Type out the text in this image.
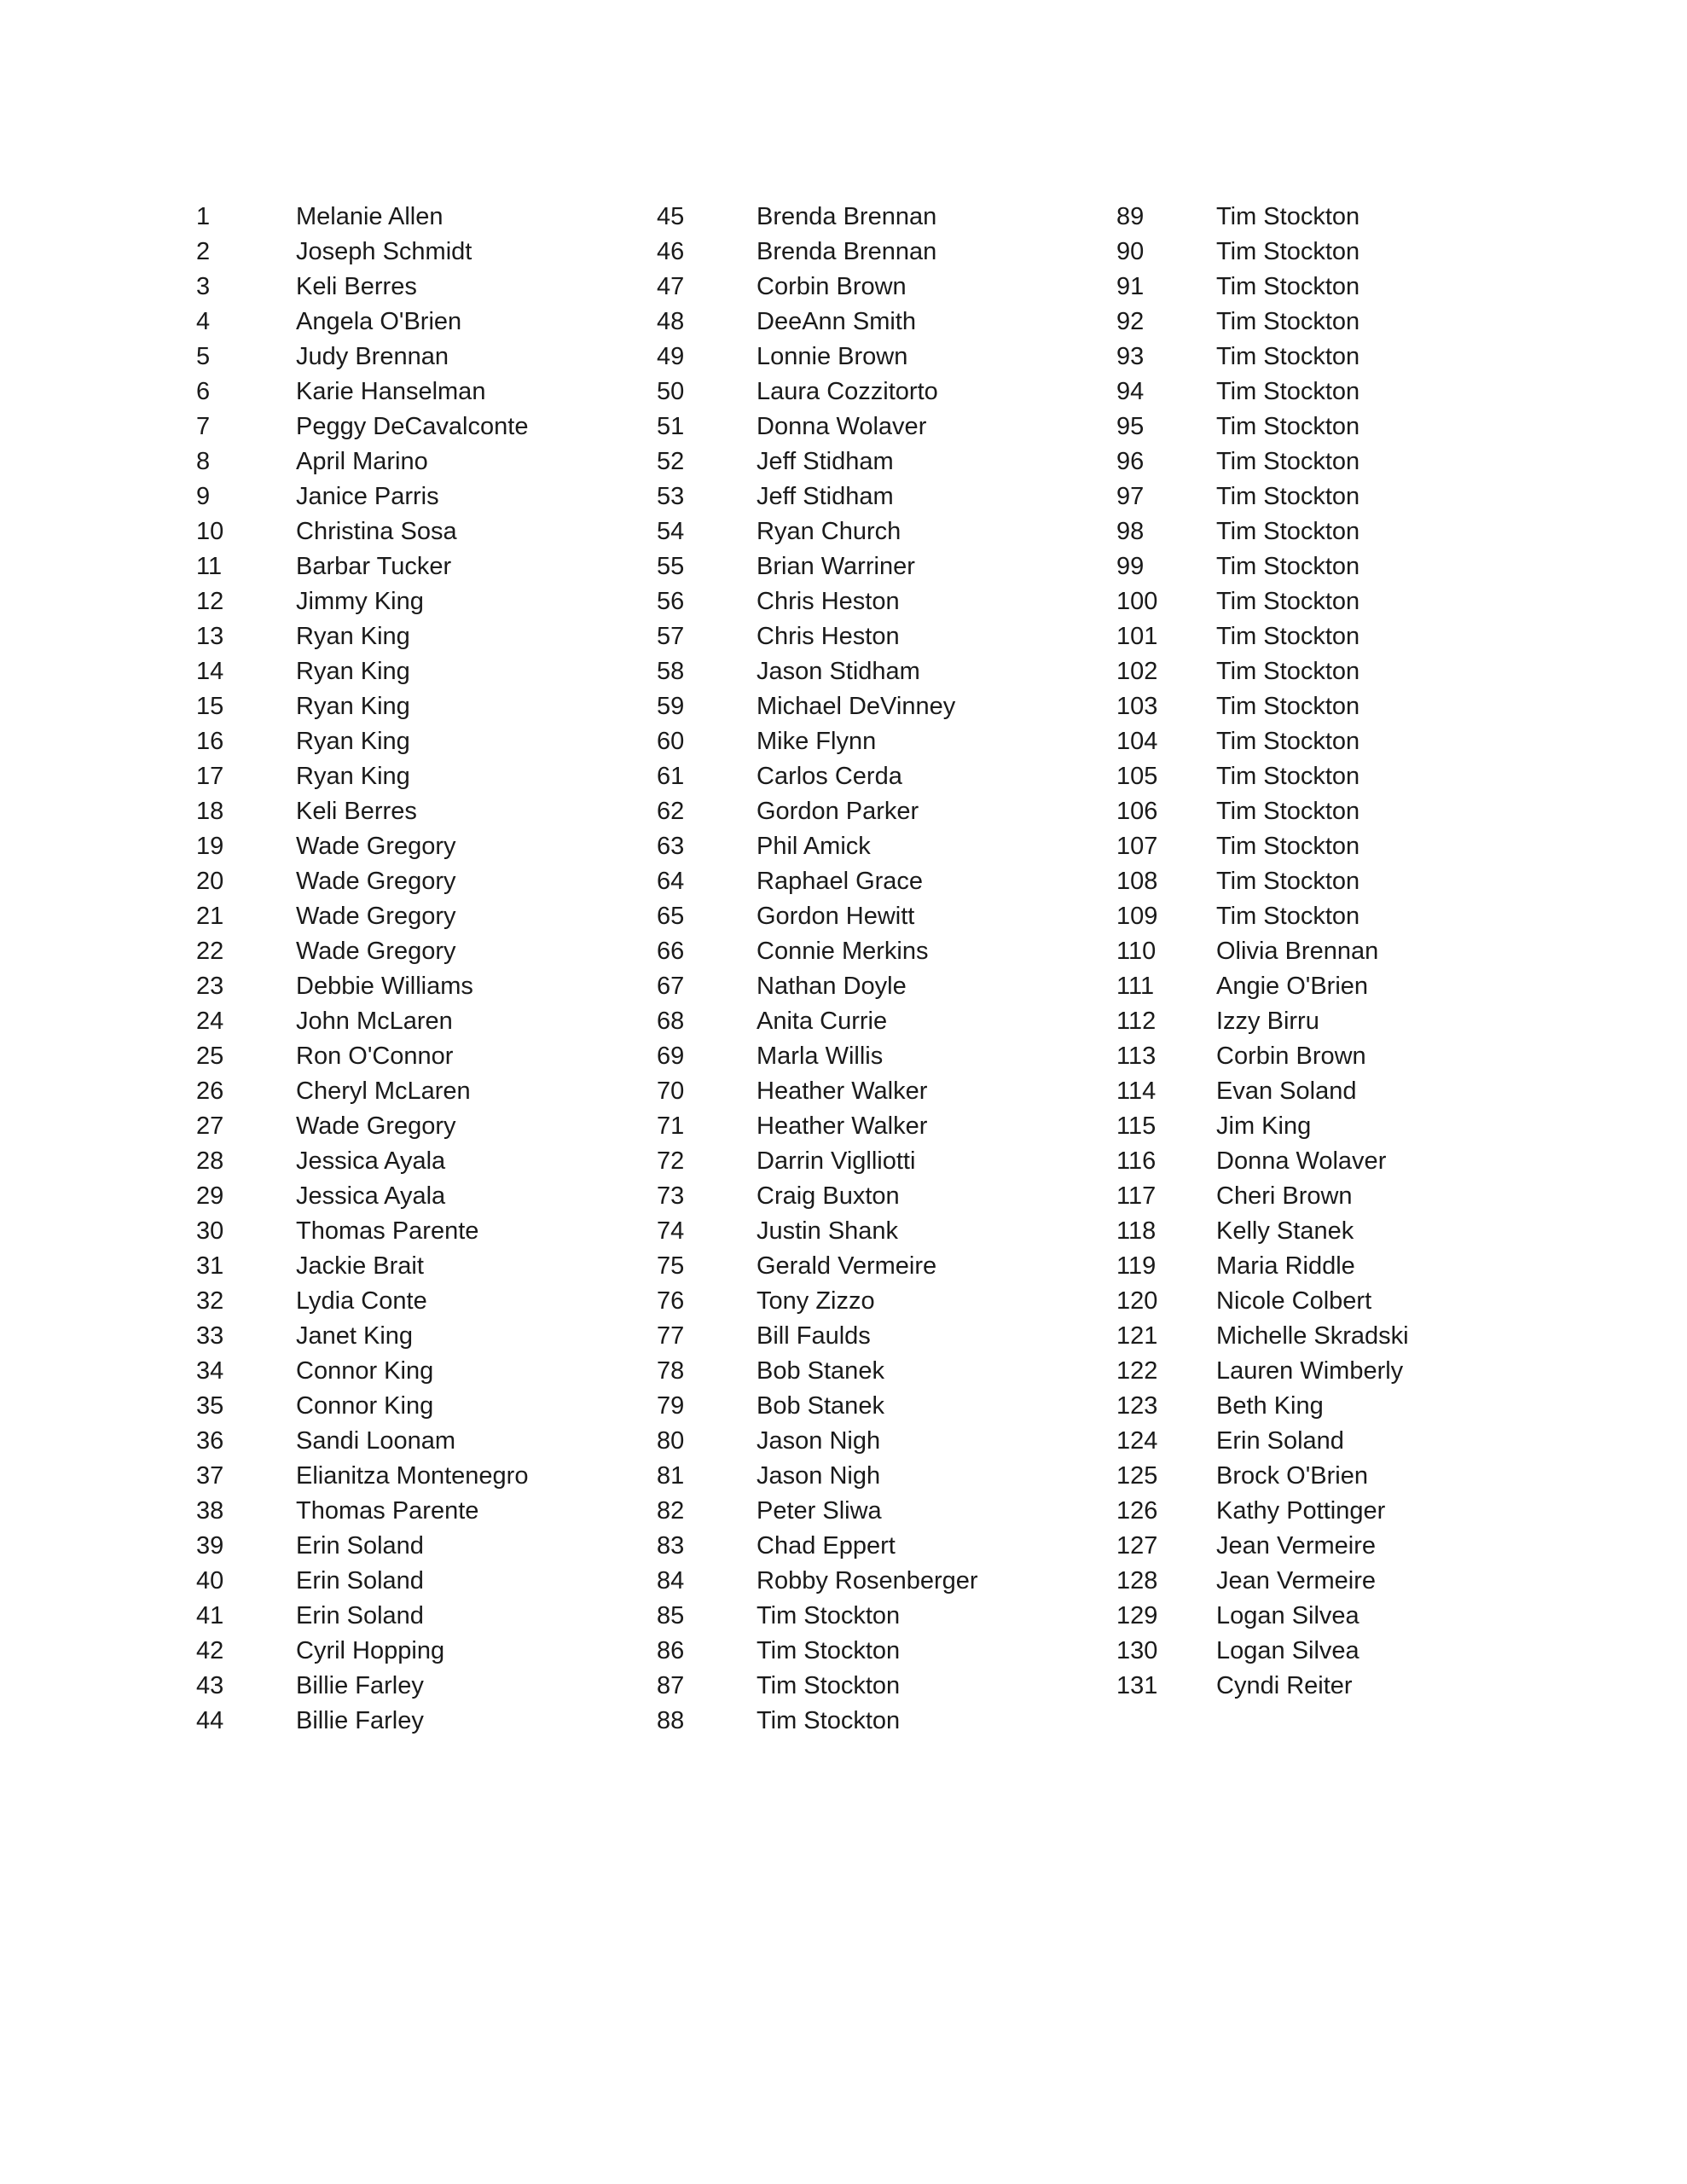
1	Melanie Allen
2	Joseph Schmidt
3	Keli Berres
4	Angela O'Brien
5	Judy Brennan
6	Karie Hanselman
7	Peggy DeCavalconte
8	April Marino
9	Janice Parris
10	Christina Sosa
11	Barbar Tucker
12	Jimmy King
13	Ryan King
14	Ryan King
15	Ryan King
16	Ryan King
17	Ryan King
18	Keli Berres
19	Wade Gregory
20	Wade Gregory
21	Wade Gregory
22	Wade Gregory
23	Debbie Williams
24	John McLaren
25	Ron O'Connor
26	Cheryl McLaren
27	Wade Gregory
28	Jessica Ayala
29	Jessica Ayala
30	Thomas Parente
31	Jackie Brait
32	Lydia Conte
33	Janet King
34	Connor King
35	Connor King
36	Sandi Loonam
37	Elianitza Montenegro
38	Thomas Parente
39	Erin Soland
40	Erin Soland
41	Erin Soland
42	Cyril Hopping
43	Billie Farley
44	Billie Farley
45	Brenda Brennan
46	Brenda Brennan
47	Corbin Brown
48	DeeAnn Smith
49	Lonnie Brown
50	Laura Cozzitorto
51	Donna Wolaver
52	Jeff Stidham
53	Jeff Stidham
54	Ryan Church
55	Brian Warriner
56	Chris Heston
57	Chris Heston
58	Jason Stidham
59	Michael DeVinney
60	Mike Flynn
61	Carlos Cerda
62	Gordon Parker
63	Phil Amick
64	Raphael Grace
65	Gordon Hewitt
66	Connie Merkins
67	Nathan Doyle
68	Anita Currie
69	Marla Willis
70	Heather Walker
71	Heather Walker
72	Darrin Viglliotti
73	Craig Buxton
74	Justin Shank
75	Gerald Vermeire
76	Tony Zizzo
77	Bill Faulds
78	Bob Stanek
79	Bob Stanek
80	Jason Nigh
81	Jason Nigh
82	Peter Sliwa
83	Chad Eppert
84	Robby Rosenberger
85	Tim Stockton
86	Tim Stockton
87	Tim Stockton
88	Tim Stockton
89	Tim Stockton
90	Tim Stockton
91	Tim Stockton
92	Tim Stockton
93	Tim Stockton
94	Tim Stockton
95	Tim Stockton
96	Tim Stockton
97	Tim Stockton
98	Tim Stockton
99	Tim Stockton
100 Tim Stockton
101 Tim Stockton
102 Tim Stockton
103 Tim Stockton
104 Tim Stockton
105 Tim Stockton
106 Tim Stockton
107 Tim Stockton
108 Tim Stockton
109 Tim Stockton
110 Olivia Brennan
111	Angie O'Brien
112 Izzy Birru
113 Corbin Brown
114 Evan Soland
115 Jim King
116 Donna Wolaver
117 Cheri Brown
118 Kelly Stanek
119 Maria Riddle
120 Nicole Colbert
121 Michelle Skradski
122 Lauren Wimberly
123 Beth King
124 Erin Soland
125 Brock O'Brien
126 Kathy Pottinger
127 Jean Vermeire
128 Jean Vermeire
129 Logan Silvea
130 Logan Silvea
131 Cyndi Reiter
